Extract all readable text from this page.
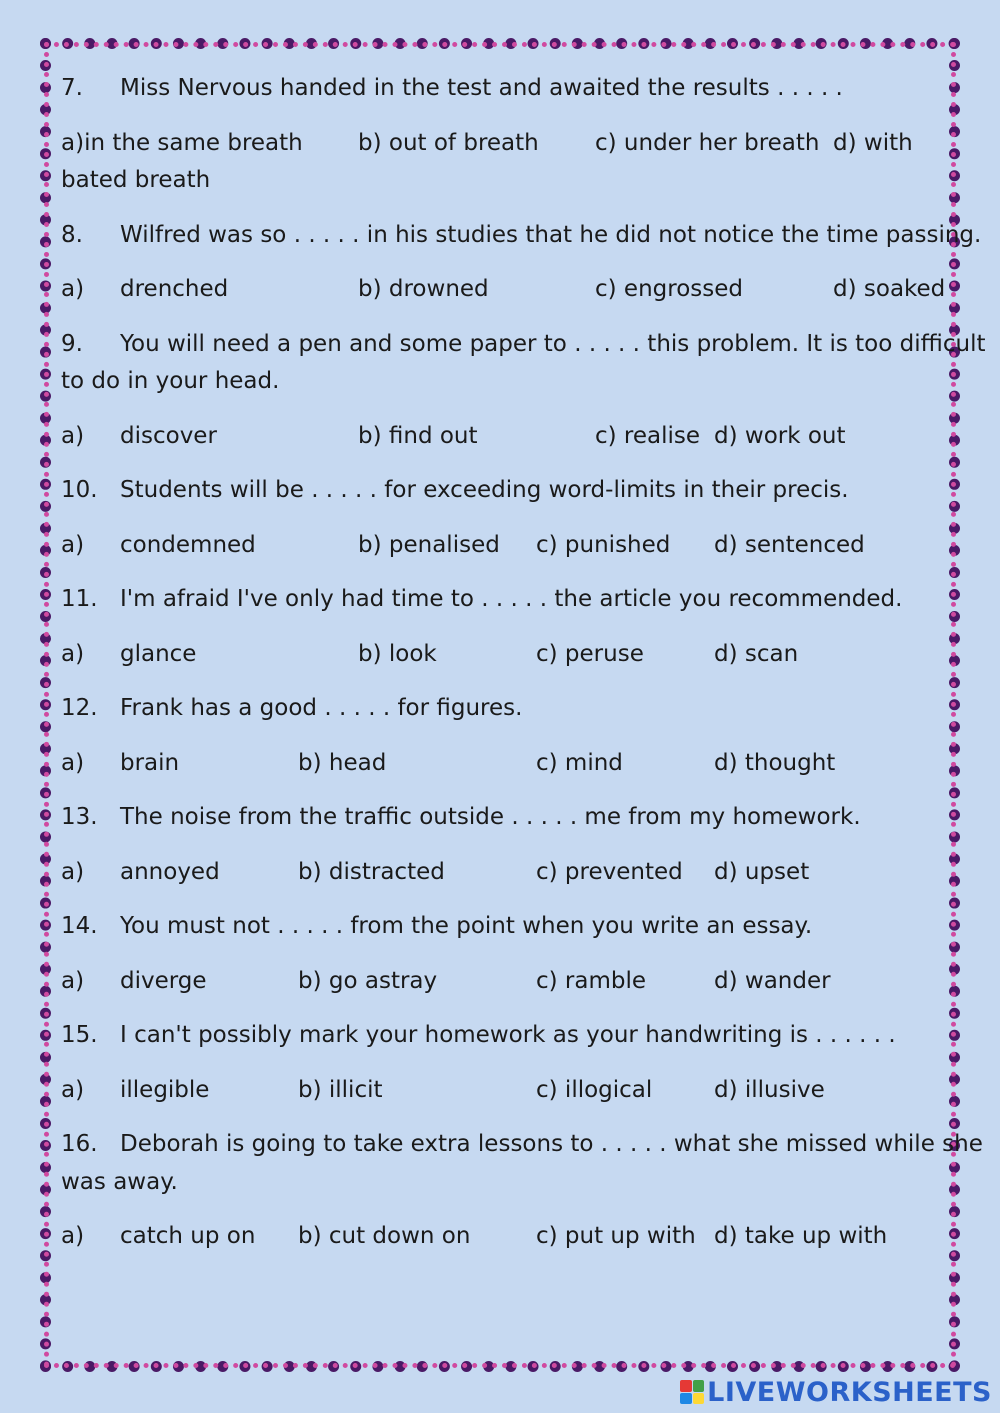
7. Miss Nervous handed in the test and awaited the results . . . . .
a)in the same breath b) out of breath c) under her breath d) with
bated breath
8. Wilfred was so . . . . . in his studies that he did not notice the time passing.
a) drenched	b) drowned	c) engrossed	d) soaked
9. You will need a pen and some paper to . . . . . this problem. It is too difficult
to do in your head.
a) discover	b) find out	c) realise d) work out
10. Students will be . . . . . for exceeding word-limits in their precis.
a) condemned	b) penalised c) punished d) sentenced
11. I'm afraid I've only had time to . . . . . the article you recommended.
a) glance	b) look	c) peruse	d) scan
12. Frank has a good . . . . . for figures.
a) brain	b) head	c) mind	d) thought
13. The noise from the traffic outside . . . . . me from my homework.
a) annoyed	b) distracted	c) prevented d) upset
14. You must not . . . . . from the point when you write an essay.
a) diverge	b) go astray	c) ramble	d) wander
15. I can't possibly mark your homework as your handwriting is . . . . . .
a) illegible	b) illicit	c) illogical	d) illusive
16. Deborah is going to take extra lessons to . . . . . what she missed while she
was away.
a) catch up on b) cut down on	c) put up with d) take up with
LIVEWORKSHEETS
